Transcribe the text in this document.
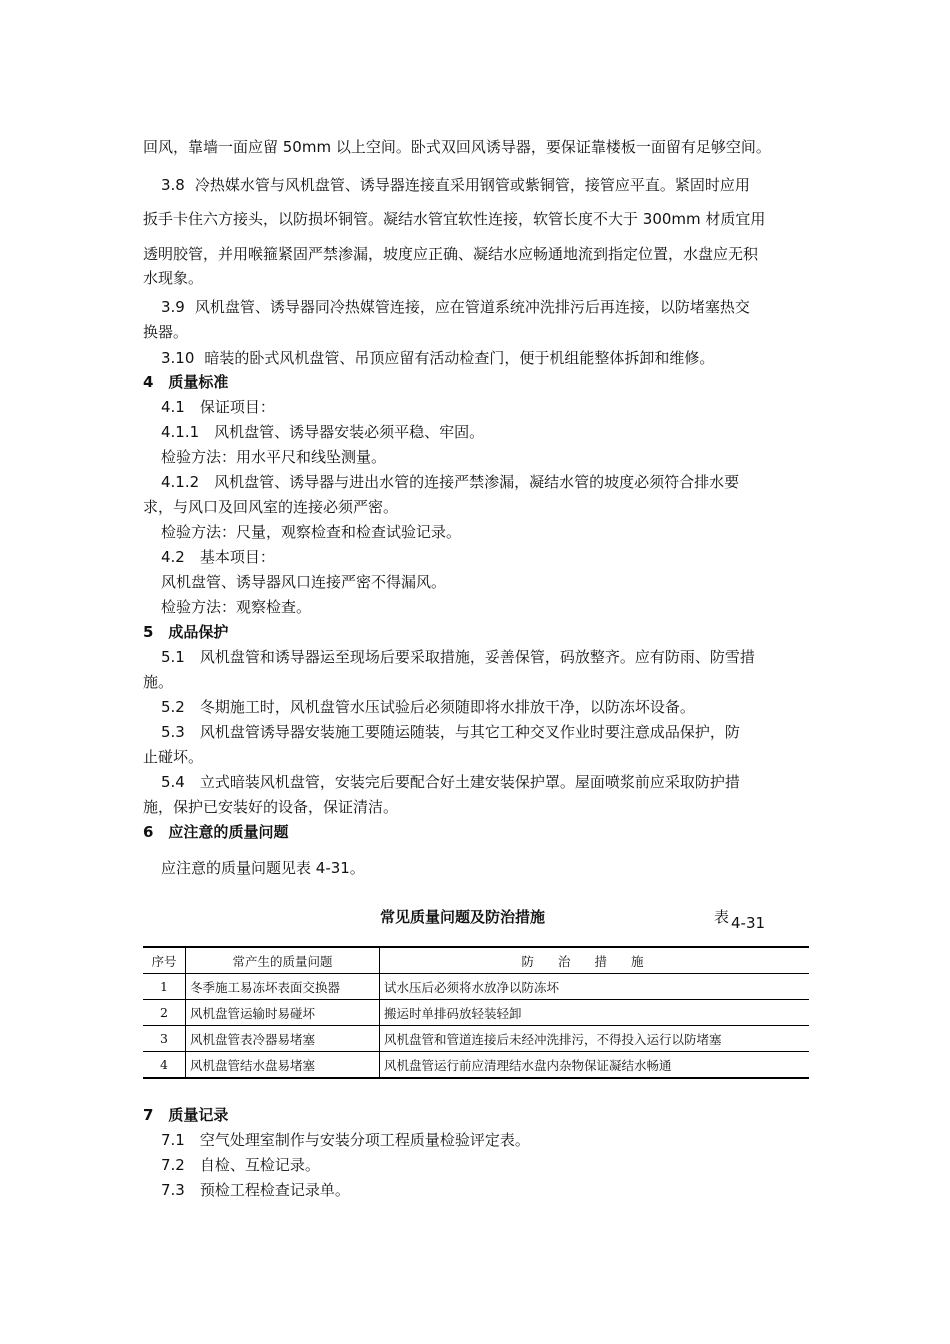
回风，靠墙一面应留 50mm 以上空间。卧式双回风诱导器，要保证靠楼板一面留有足够空间。
3.8 冷热媒水管与风机盘管、诱导器连接直采用钢管或紫铜管，接管应平直。紧固时应用
扳手卡住六方接头，以防损坏铜管。凝结水管宜软性连接，软管长度不大于 300mm 材质宜用
透明胶管，并用喉箍紧固严禁渗漏，坡度应正确、凝结水应畅通地流到指定位置，水盘应无积
水现象。
3.9 风机盘管、诱导器同冷热媒管连接，应在管道系统冲洗排污后再连接，以防堵塞热交
换器。
3.10 暗装的卧式风机盘管、吊顶应留有活动检查门，便于机组能整体拆卸和维修。
4　质量标准
4.1　保证项目：
4.1.1　风机盘管、诱导器安装必须平稳、牢固。
检验方法：用水平尺和线坠测量。
4.1.2　风机盘管、诱导器与进出水管的连接严禁渗漏，凝结水管的坡度必须符合排水要
求，与风口及回风室的连接必须严密。
检验方法：尺量，观察检查和检查试验记录。
4.2　基本项目：
风机盘管、诱导器风口连接严密不得漏风。
检验方法：观察检查。
5　成品保护
5.1　风机盘管和诱导器运至现场后要采取措施，妥善保管，码放整齐。应有防雨、防雪措
施。
5.2　冬期施工时，风机盘管水压试验后必须随即将水排放干净，以防冻坏设备。
5.3　风机盘管诱导器安装施工要随运随装，与其它工种交叉作业时要注意成品保护，防
止碰坏。
5.4　立式暗装风机盘管，安装完后要配合好土建安装保护罩。屋面喷浆前应采取防护措
施，保护已安装好的设备，保证清洁。
6　应注意的质量问题
应注意的质量问题见表 4-31。
常见质量问题及防治措施	表 4-31
序号	常产生的质量问题	防治措施
1	冬季施工易冻坏表面交换器	试水压后必须将水放净以防冻坏
2	风机盘管运输时易碰坏	搬运时单排码放轻装轻卸
3	风机盘管表冷器易堵塞	风机盘管和管道连接后未经冲洗排污，不得投入运行以防堵塞
4	风机盘管结水盘易堵塞	风机盘管运行前应清理结水盘内杂物保证凝结水畅通
7　质量记录
7.1　空气处理室制作与安装分项工程质量检验评定表。
7.2　自检、互检记录。
7.3　预检工程检查记录单。
